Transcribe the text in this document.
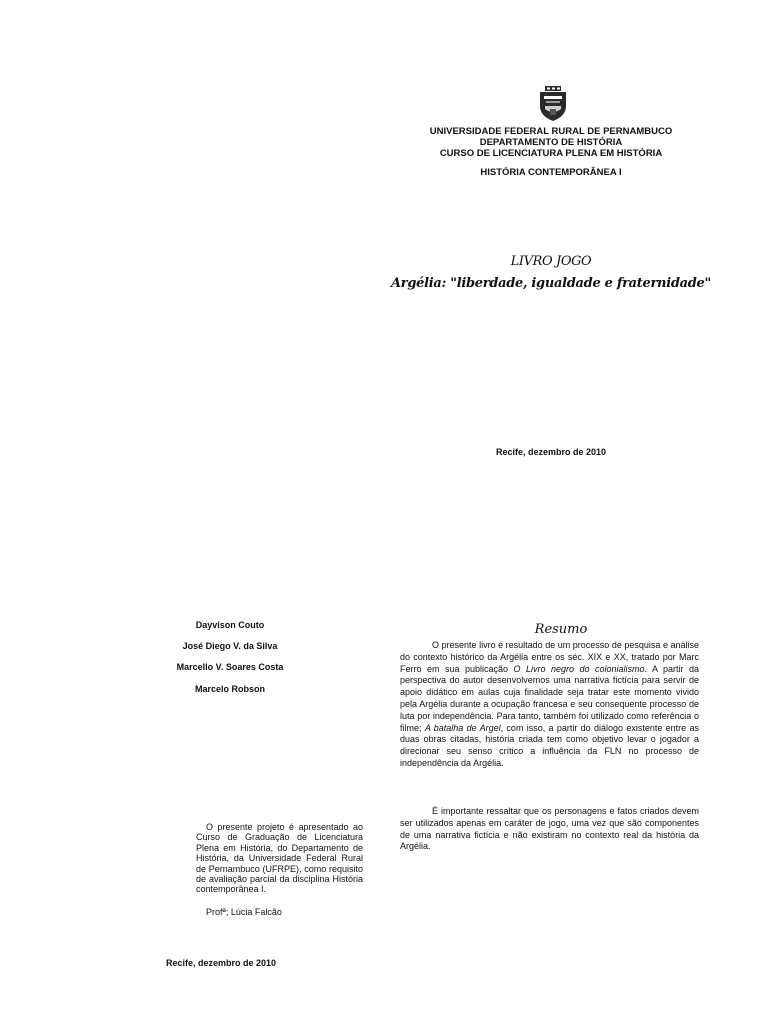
UNIVERSIDADE FEDERAL RURAL DE PERNAMBUCO
DEPARTAMENTO DE HISTÓRIA
CURSO DE LICENCIATURA PLENA EM HISTÓRIA
HISTÓRIA CONTEMPORÂNEA I
LIVRO JOGO
Argélia: "liberdade, igualdade e fraternidade"
Recife, dezembro de 2010
Dayvison Couto
José Diego V. da Silva
Marcello V. Soares Costa
Marcelo Robson
O presente projeto é apresentado ao Curso de Graduação de Licenciatura Plena em História, do Departamento de História, da Universidade Federal Rural de Pernambuco (UFRPE), como requisito de avaliação parcial da disciplina História contemporânea I.
Profª; Lúcia Falcão
Recife, dezembro de 2010
Resumo

O presente livro é resultado de um processo de pesquisa e análise do contexto histórico da Argélia entre os séc. XIX e XX, tratado por Marc Ferro em sua publicação O Livro negro do colonialismo. A partir da perspectiva do autor desenvolvemos uma narrativa fictícia para servir de apoio didático em aulas cuja finalidade seja tratar este momento vivido pela Argélia durante a ocupação francesa e seu consequente processo de luta por independência. Para tanto, também foi utilizado como referência o filme; A batalha de Argel, com isso, a partir do diálogo existente entre as duas obras citadas, história criada tem como objetivo levar o jogador a direcionar seu senso crítico a influência da FLN no processo de independência da Argélia.

É importante ressaltar que os personagens e fatos criados devem ser utilizados apenas em caráter de jogo, uma vez que são componentes de uma narrativa fictícia e não existiram no contexto real da história da Argélia.
